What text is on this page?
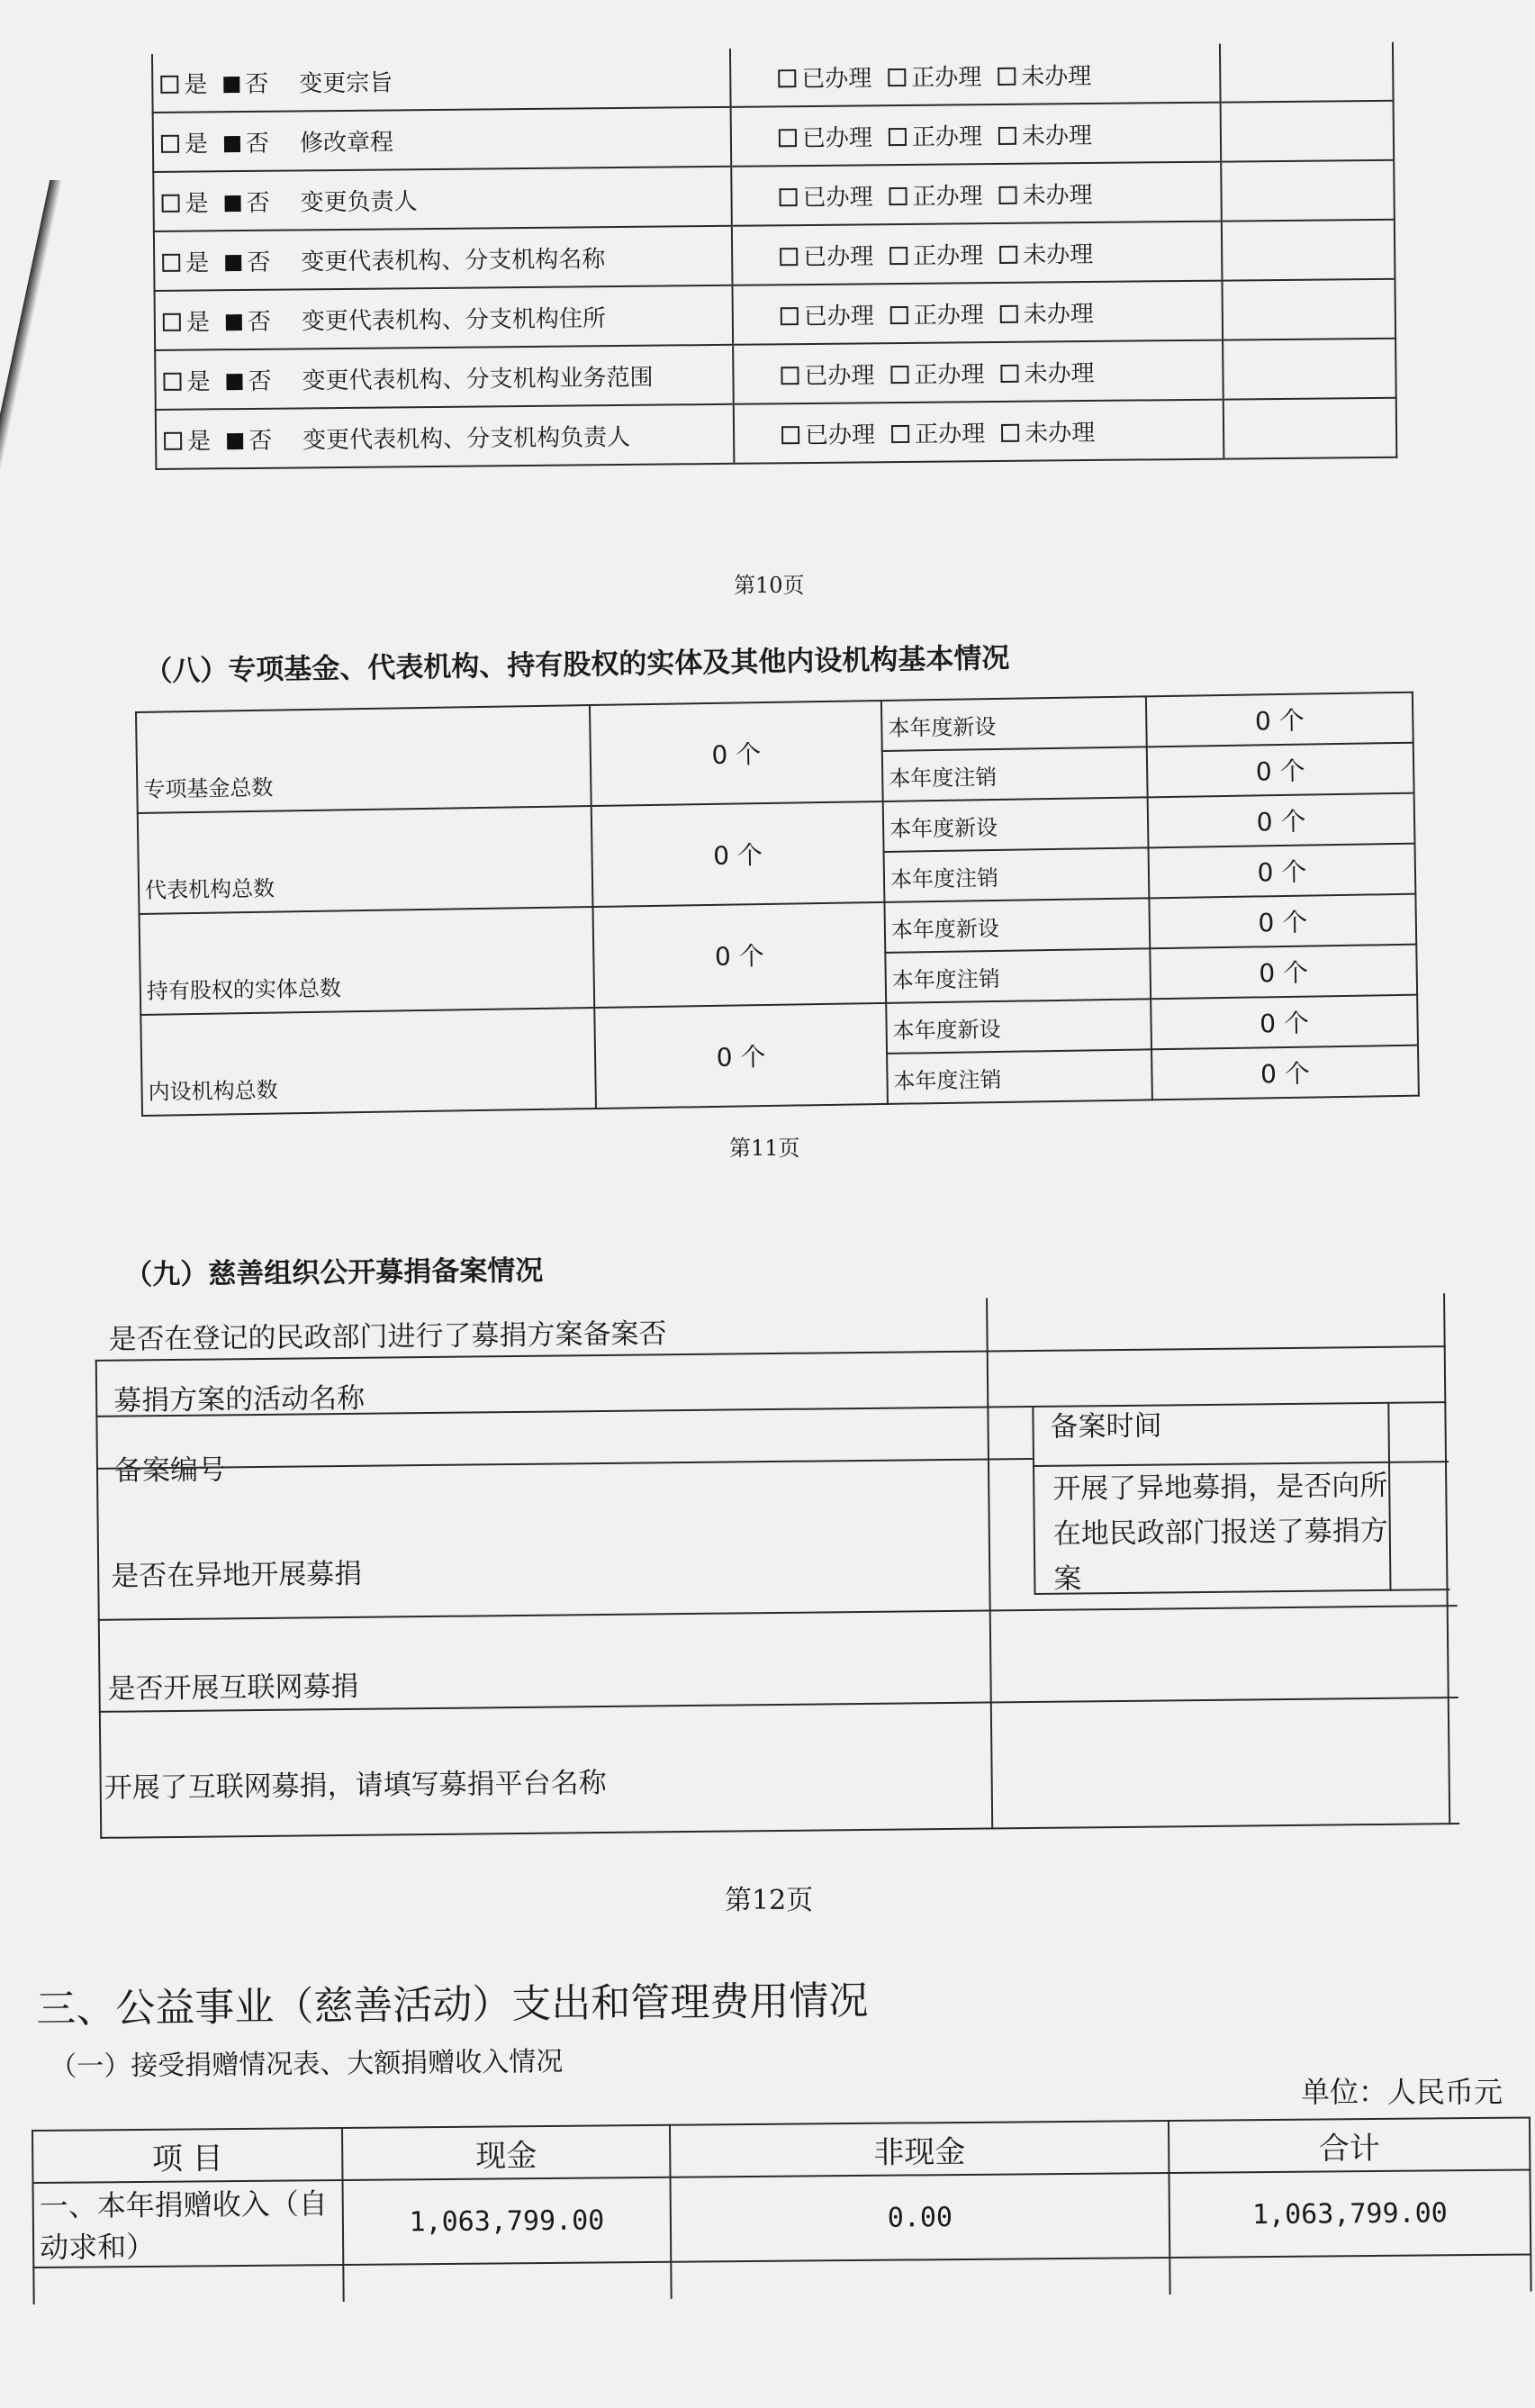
是 否 变更宗旨	已办理 正办理 未办理	
是 否 修改章程	已办理 正办理 未办理	
是 否 变更负责人	已办理 正办理 未办理	
是 否 变更代表机构、分支机构名称	已办理 正办理 未办理	
是 否 变更代表机构、分支机构住所	已办理 正办理 未办理	
是 否 变更代表机构、分支机构业务范围	已办理 正办理 未办理	
是 否 变更代表机构、分支机构负责人	已办理 正办理 未办理	
第10页
（八）专项基金、代表机构、持有股权的实体及其他内设机构基本情况
专项基金总数	0 个	本年度新设	0 个
		本年度注销	0 个
代表机构总数	0 个	本年度新设	0 个
		本年度注销	0 个
持有股权的实体总数	0 个	本年度新设	0 个
		本年度注销	0 个
内设机构总数	0 个	本年度新设	0 个
		本年度注销	0 个
第11页
（九）慈善组织公开募捐备案情况
是否在登记的民政部门进行了募捐方案备案否
募捐方案的活动名称
备案时间
备案编号
是否在异地开展募捐
开展了异地募捐，是否向所在地民政部门报送了募捐方案
是否开展互联网募捐
开展了互联网募捐，请填写募捐平台名称
第12页
三、公益事业（慈善活动）支出和管理费用情况
（一）接受捐赠情况表、大额捐赠收入情况
单位：人民币元
项 目	现金	非现金	合计
一、本年捐赠收入（自动求和）	1,063,799.00	0.00	1,063,799.00
